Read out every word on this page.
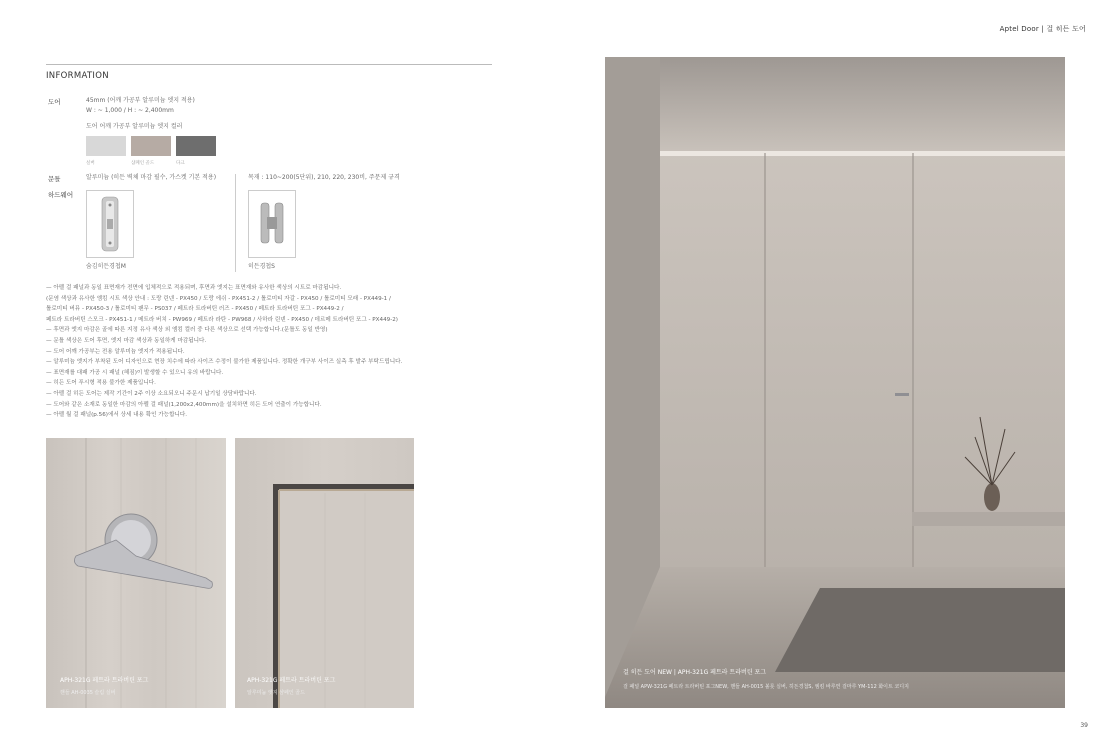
Aptel Door | 걸 히든 도어
INFORMATION
도어	45mm (어깨 가공부 알루미늄 엣지 적용)
W : ~ 1,000 / H : ~ 2,400mm
도어 어깨 가공부 알루미늄 엣지 컬러
실버	샴페인 골드	다크
문틀	알루미늄 (히든 벽체 마감 필수, 가스켓 기본 적용)	목재 : 110~200(5단위), 210, 220, 230비, 주문제 규격
하드웨어
숨김히든경첩M	히든경첩S
— 아펠 걸 패널과 동일 표면재가 전면에 입체적으로 적용되며, 후면과 엣지는 표면재와 유사한 색상의 시트로 마감됩니다.
(문염 색상과 유사한 엠킴 시트 색상 안내 : 도랑 린넨 - PX450 / 도랑 에쉬 - PX451-2 / 톨로미티 자갈 - PX450 / 톨로미티 모래 - PX449-1 /
톨로미티 버뮤 - PX450-3 / 톨로미티 팬무 - PS037 / 페트라 트라버틴 러즈 - PX450 / 페트라 트라버틴 포그 - PX449-2 /
페트라 트라버틴 스모크 - PX451-1 / 메트라 버치 - PW969 / 페트라 라탄 - PW968 / 사하라 린넨 - PX450 / 데르메 트라버틴 포그 - PX449-2)
— 후면과 엣지 마감은 골에 따른 지정 유사 색상 외 엠킴 컬러 중 다른 색상으로 선택 가능합니다.(문틀도 동일 반영)
— 문틀 색상은 도어 후면, 엣지 마감 색상과 동일하게 마감됩니다.
— 도어 어깨 가공부는 전용 알루미늄 엣지가 적용됩니다.
— 알루미늄 엣지가 부착된 도어 디자인으로 현장 치수에 따라 사이즈 수정이 불가한 제품입니다. 정확한 개구부 사이즈 실측 후 발주 부탁드립니다.
— 표면재를 대패 가공 시 패널 (헤짐)이 발생할 수 있으니 유의 바랍니다.
— 히든 도어 푸시형 적용 불가한 제품입니다.
— 아펠 걸 히든 도어는 제작 기간이 2주 이상 소요되오니 주문시 납기일 상담바랍니다.
— 도어와 같은 소재로 동일한 마감의 아펠 걸 패널(1,200x2,400mm)을 설치하면 히든 도어 연출이 가능합니다.
— 아펠 월 걸 패널(p.56)에서 상세 내용 확인 가능합니다.
APH-321G 페트라 트라버틴 포그
핸들 AH-0035 슬림 실버
APH-321G 페트라 트라버틴 포그
알루미늄 엣지 샴페인 골드
걸 히든 도어 NEW | APH-321G 페트라 트라버틴 포그
걸 패널 APW-321G 페트라 트라버틴 포그NEW, 핸들 AH-0015 볼롯 실버, 히든경첩S, 엠킴 바루연 걸마루 YM-112 화이트 코디지
39
